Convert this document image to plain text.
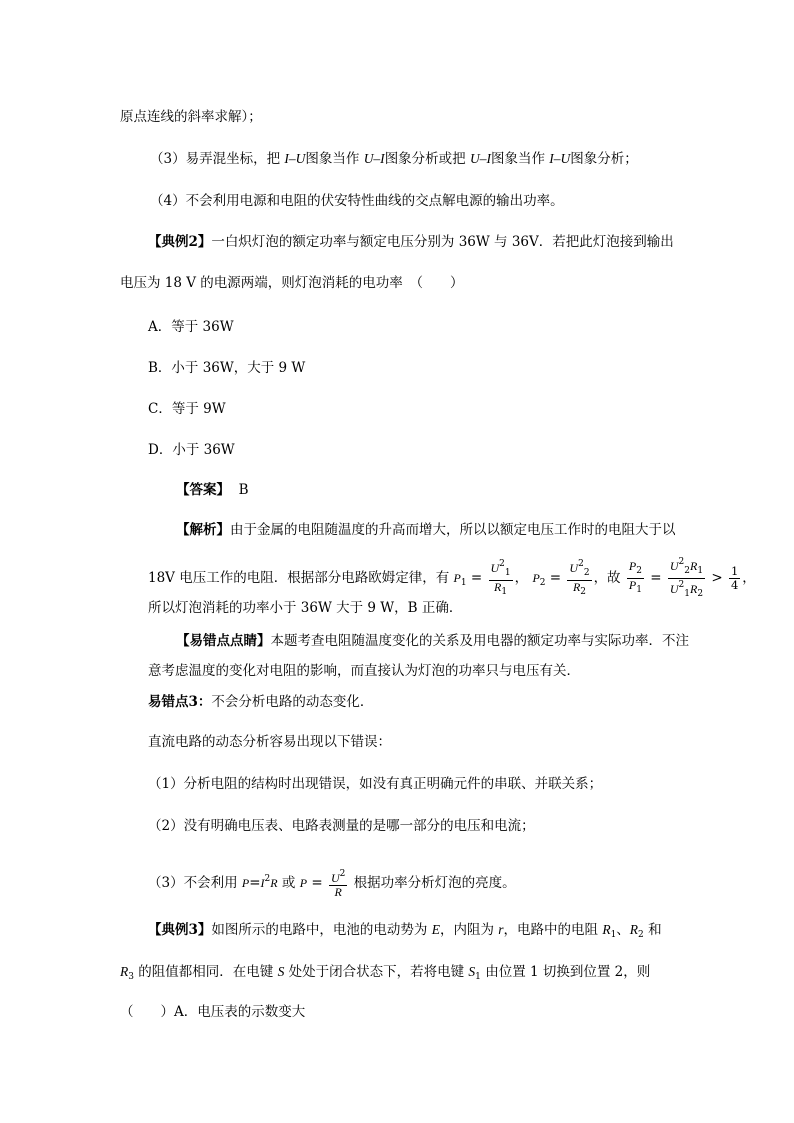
原点连线的斜率求解）；
（3）易弄混坐标，把 I–U图象当作 U–I图象分析或把 U–I图象当作 I–U图象分析；
（4）不会利用电源和电阻的伏安特性曲线的交点解电源的输出功率。
【典例2】一白炽灯泡的额定功率与额定电压分别为 36W 与 36V．若把此灯泡接到输出
电压为 18 V 的电源两端，则灯泡消耗的电功率　（　　）
A．等于 36W
B．小于 36W，大于 9 W
C．等于 9W
D．小于 36W
【答案】 B
【解析】由于金属的电阻随温度的升高而增大，所以以额定电压工作时的电阻大于以
18V 电压工作的电阻．根据部分电路欧姆定律，有 $P_1 = \frac{U^2_1}{R_1}$ ， $P_2 = \frac{U^2_2}{R_2}$ ，故 $\frac{P_2}{P_1} = \frac{U^2_2R_1}{U^2_1R_2} > \frac{1}{4}$ ，
所以灯泡消耗的功率小于 36W 大于 9 W，B 正确．
【易错点点睛】本题考查电阻随温度变化的关系及用电器的额定功率与实际功率．不注
意考虑温度的变化对电阻的影响，而直接认为灯泡的功率只与电压有关．
易错点3：不会分析电路的动态变化．
直流电路的动态分析容易出现以下错误：
（1）分析电阻的结构时出现错误，如没有真正明确元件的串联、并联关系；
（2）没有明确电压表、电路表测量的是哪一部分的电压和电流；
（3）不会利用 $P=I^2R$ 或 $P = \frac{U^2}{R}$ 根据功率分析灯泡的亮度。
【典例3】如图所示的电路中，电池的电动势为 E，内阻为 r，电路中的电阻 $R_1$、$R_2$ 和
$R_3$ 的阻值都相同．在电键 S 处处于闭合状态下，若将电键 $S_1$ 由位置 1 切换到位置 2，则
（　　）A．电压表的示数变大
